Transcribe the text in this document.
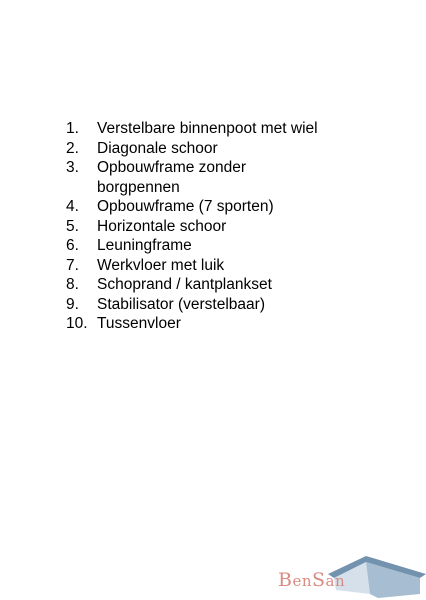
1.	Verstelbare binnenpoot met wiel
2.	Diagonale schoor
3.	Opbouwframe zonder borgpennen
4.	Opbouwframe (7 sporten)
5.	Horizontale schoor
6.	Leuningframe
7.	Werkvloer met luik
8.	Schoprand / kantplankset
9.	Stabilisator (verstelbaar)
10. Tussenvloer
BenSan
